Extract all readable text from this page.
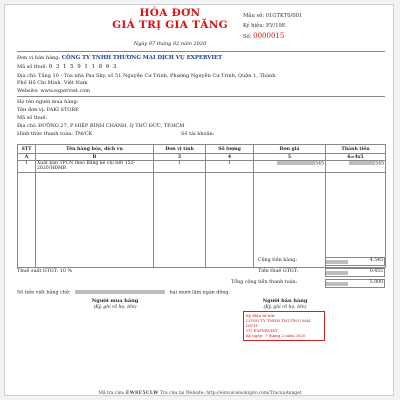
HÓA ĐƠN
GIÁ TRỊ GIA TĂNG
Mẫu số: 01GTKT0/001
Ký hiệu: EV/19E
Số: 0000015
Ngày 07 tháng 02 năm 2020
Đơn vị bán hàng: CÔNG TY TNHH THƯƠNG MẠI DỊCH VỤ EXPERVIET
Mã số thuế: 0 3 1 5 9 1 1 8 6 3
Địa chỉ: Tầng 10 - Tòa nhà Pax Sky, số 51 Nguyễn Cư Trinh, Phường Nguyễn Cư Trinh, Quận 1, Thành
Phố Hồ Chí Minh, Việt Nam
Website: www.experviet.com
Họ tên người mua hàng:
Tên đơn vị: FAKI STORE
Mã số thuế:
Địa chỉ: ĐƯỜNG 27, P HIỆP BÌNH CHÁNH, Q THỦ ĐỨC, TP.HCM
Hình thức thanh toán: TM/CK	Số tài khoản:
STT	Tên hàng hóa, dịch vụ	Đơn vị tính	Số lượng	Đơn giá	Thành tiền
A	B	3	4	5	6=4x5
1	Xuất bán TPCN theo Bảng kê chi tiết 152-
2020/HĐMB	1	1	545	545

Cộng tiền hàng:	4.545
Thuế suất GTGT: 10 %	Tiền thuế GTGT:	0.455
Tổng cộng tiền thanh toán:	5.000
Số tiền viết bằng chữ:	hai mươi lăm ngàn đồng.
Người mua hàng
(Ký, ghi rõ họ, tên)
Người bán hàng
(Ký, ghi rõ họ, tên)
Ký điện tử bởi:
CÔNG TY TNHH THƯƠNG MẠI DỊCH
VỤ EXPERVIET
Ký ngày: 7 tháng 2 năm 2020
Mã tra cứu: EW8F5CLW Tra cứu tại Website: http://einvoicelookupto.com/TracuuAnnget
